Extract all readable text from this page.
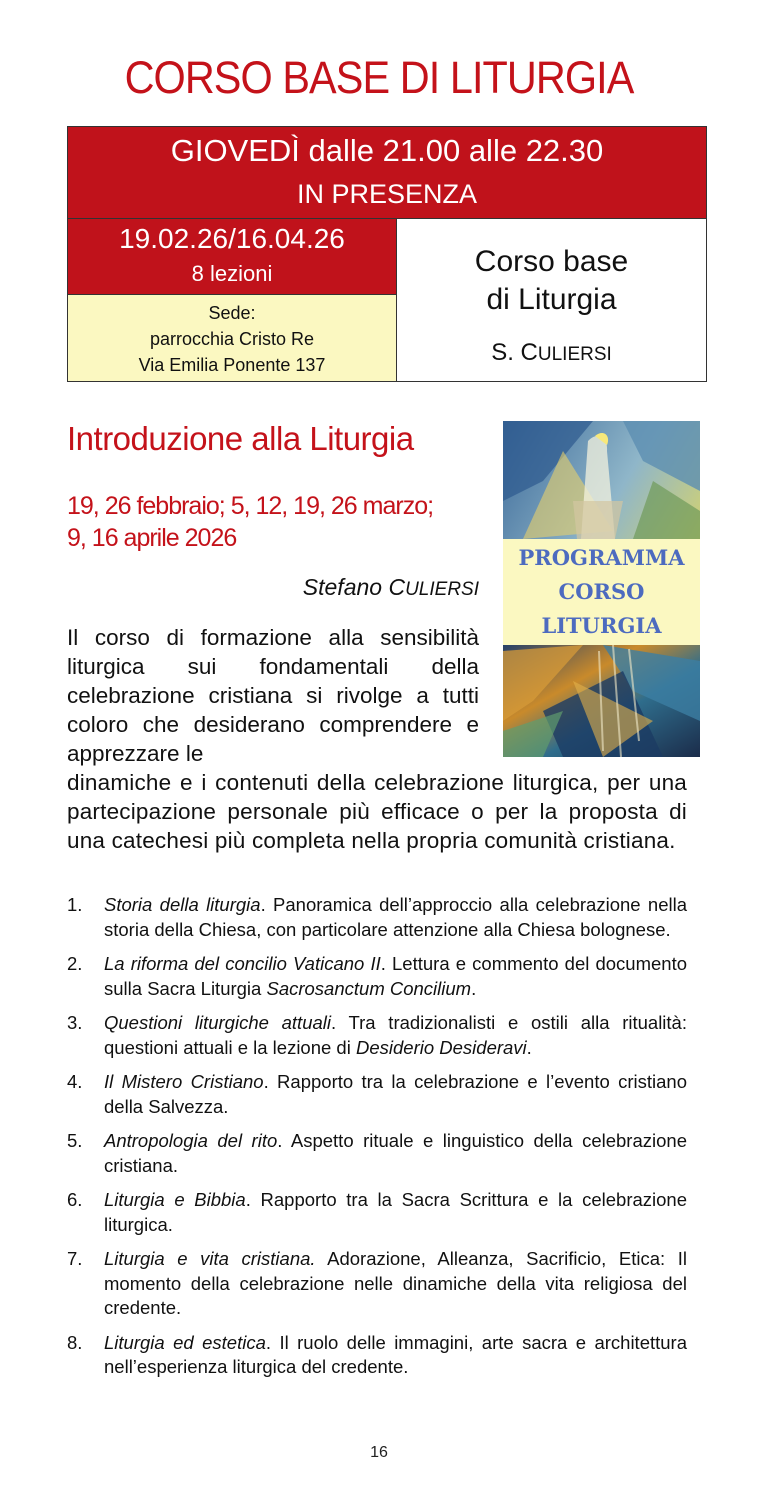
CORSO BASE DI LITURGIA
GIOVEDÌ dalle 21.00 alle 22.30
IN PRESENZA
19.02.26/16.04.26
8 lezioni
Sede:
parrocchia Cristo Re
Via Emilia Ponente 137
Corso base
di Liturgia
S. CULIERSI
Introduzione alla Liturgia
19, 26 febbraio; 5, 12, 19, 26 marzo;
9, 16 aprile 2026
Stefano CULIERSI
PROGRAMMA
CORSO
LITURGIA
Il corso di formazione alla sensibilità liturgica sui fondamentali della celebrazione cristiana si rivolge a tutti coloro che desiderano comprendere e apprezzare le
dinamiche e i contenuti della celebrazione liturgica, per una partecipazione personale più efficace o per la proposta di una catechesi più completa nella propria comunità cristiana.
1. Storia della liturgia. Panoramica dell’approccio alla celebrazione nella storia della Chiesa, con particolare attenzione alla Chiesa bolognese.
2. La riforma del concilio Vaticano II. Lettura e commento del documento sulla Sacra Liturgia Sacrosanctum Concilium.
3. Questioni liturgiche attuali. Tra tradizionalisti e ostili alla ritualità: questioni attuali e la lezione di Desiderio Desideravi.
4. Il Mistero Cristiano. Rapporto tra la celebrazione e l’evento cristiano della Salvezza.
5. Antropologia del rito. Aspetto rituale e linguistico della celebrazione cristiana.
6. Liturgia e Bibbia. Rapporto tra la Sacra Scrittura e la celebrazione liturgica.
7. Liturgia e vita cristiana. Adorazione, Alleanza, Sacrificio, Etica: Il momento della celebrazione nelle dinamiche della vita religiosa del credente.
8. Liturgia ed estetica. Il ruolo delle immagini, arte sacra e architettura nell’esperienza liturgica del credente.
16
